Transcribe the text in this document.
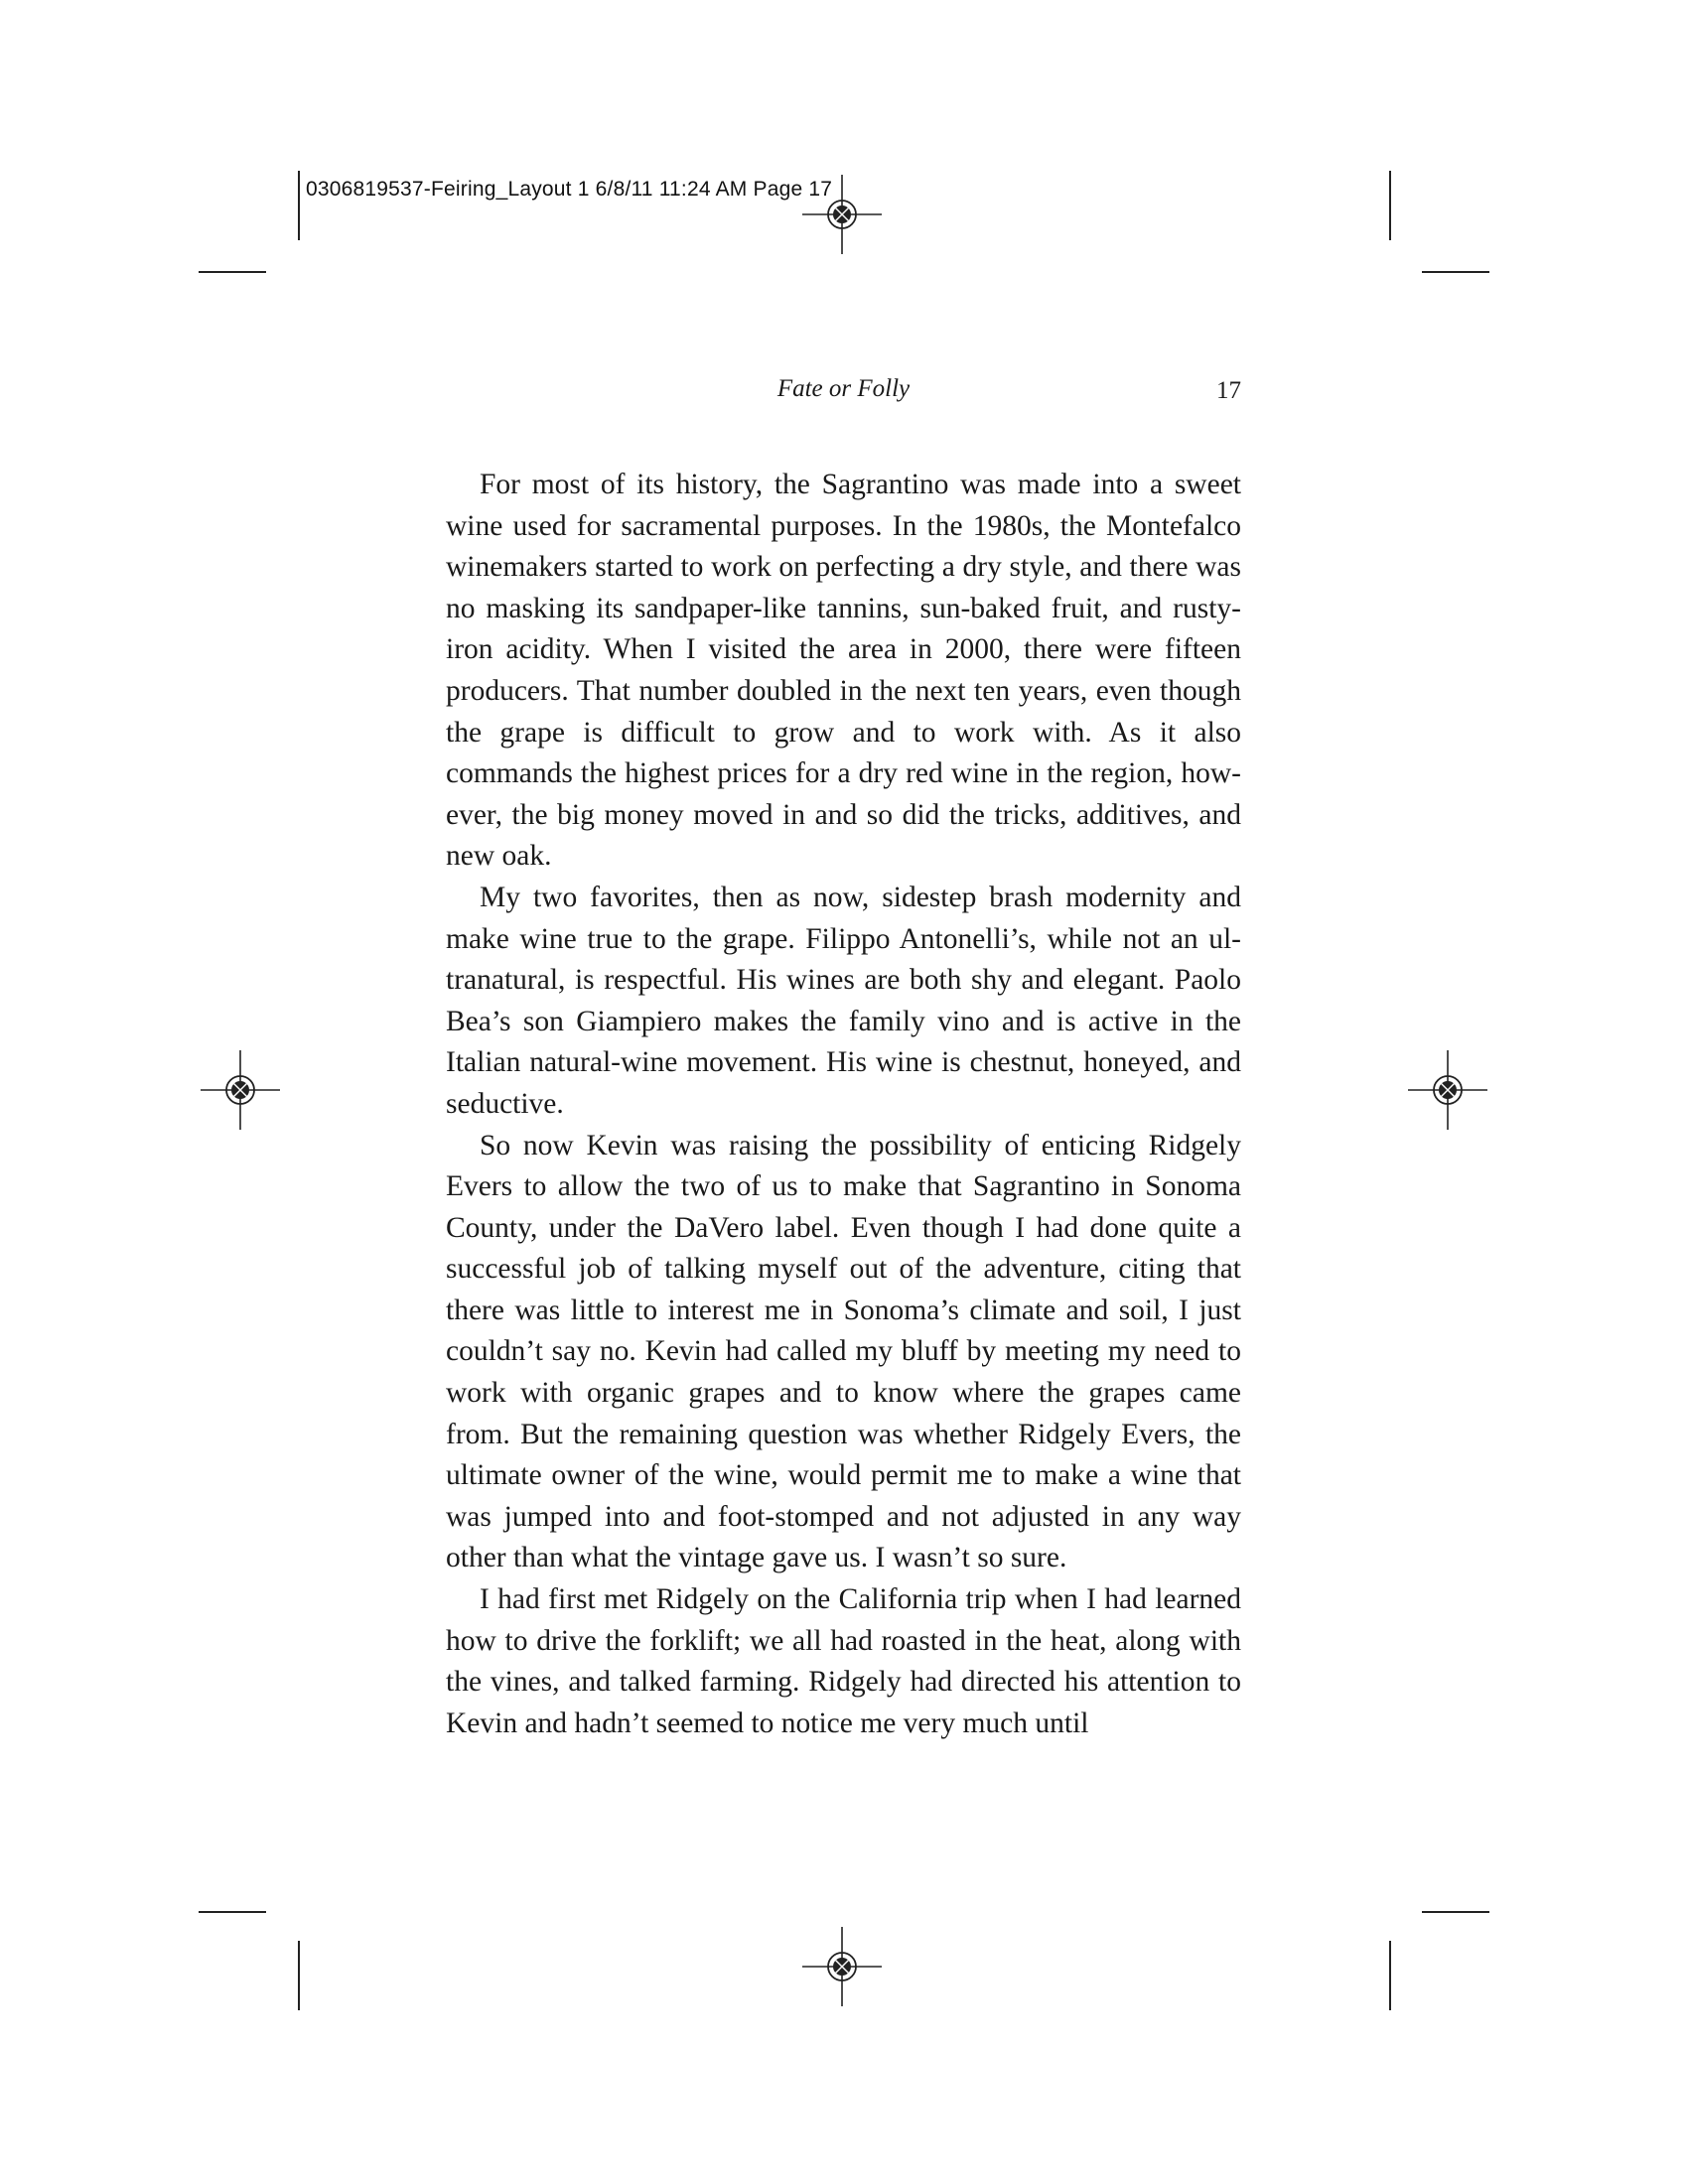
0306819537-Feiring_Layout 1 6/8/11 11:24 AM Page 17
Fate or Folly	17

For most of its history, the Sagrantino was made into a sweet wine used for sacramental purposes. In the 1980s, the Montefalco winemakers started to work on perfecting a dry style, and there was no masking its sandpaper-like tannins, sun-baked fruit, and rusty-iron acidity. When I visited the area in 2000, there were fifteen producers. That number doubled in the next ten years, even though the grape is difficult to grow and to work with. As it also commands the highest prices for a dry red wine in the region, however, the big money moved in and so did the tricks, additives, and new oak.

My two favorites, then as now, sidestep brash modernity and make wine true to the grape. Filippo Antonelli’s, while not an ultranatural, is respectful. His wines are both shy and elegant. Paolo Bea’s son Giampiero makes the family vino and is active in the Italian natural-wine movement. His wine is chestnut, honeyed, and seductive.

So now Kevin was raising the possibility of enticing Ridgely Evers to allow the two of us to make that Sagrantino in Sonoma County, under the DaVero label. Even though I had done quite a successful job of talking myself out of the adventure, citing that there was little to interest me in Sonoma’s climate and soil, I just couldn’t say no. Kevin had called my bluff by meeting my need to work with organic grapes and to know where the grapes came from. But the remaining question was whether Ridgely Evers, the ultimate owner of the wine, would permit me to make a wine that was jumped into and foot-stomped and not adjusted in any way other than what the vintage gave us. I wasn’t so sure.

I had first met Ridgely on the California trip when I had learned how to drive the forklift; we all had roasted in the heat, along with the vines, and talked farming. Ridgely had directed his attention to Kevin and hadn’t seemed to notice me very much until
